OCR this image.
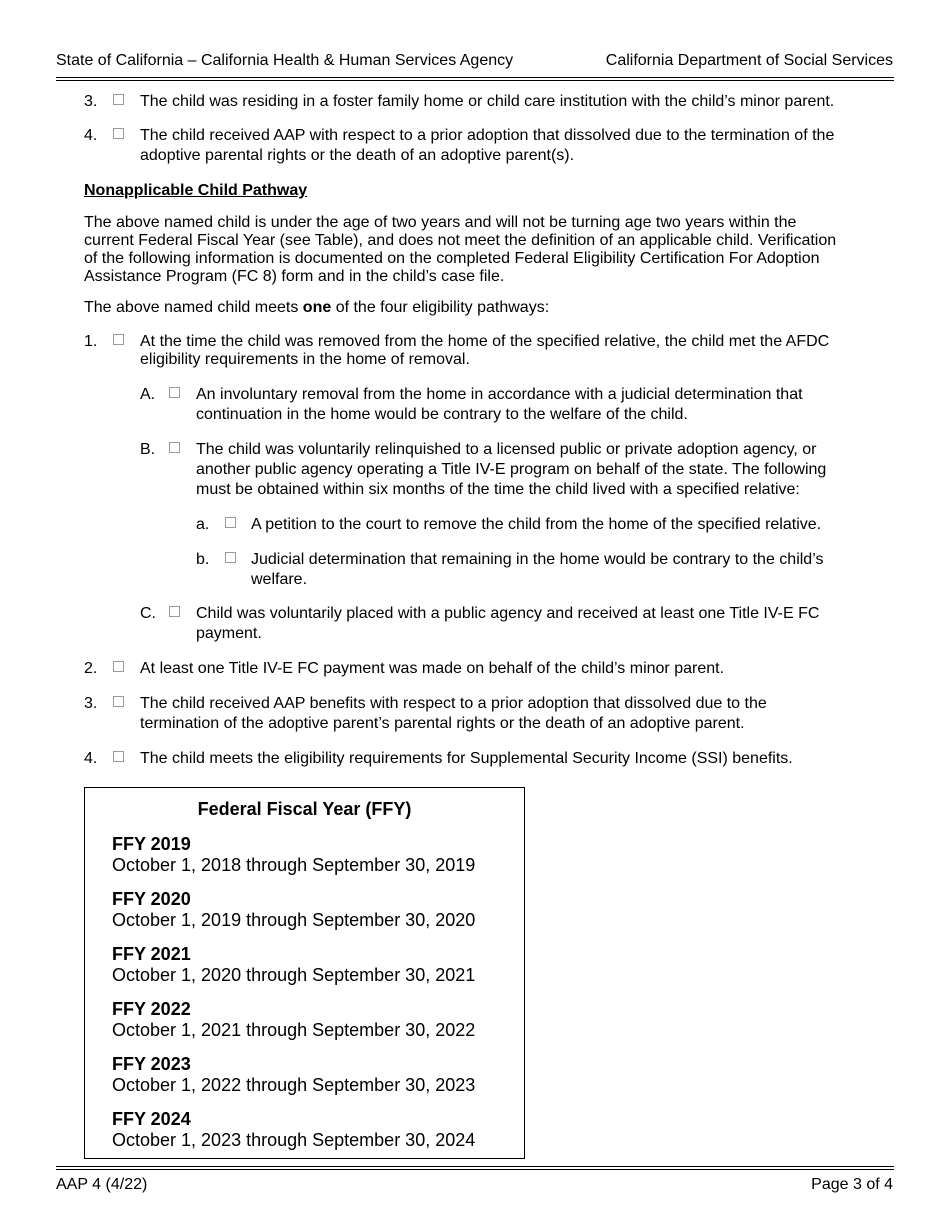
State of California – California Health & Human Services Agency	California Department of Social Services
3.	The child was residing in a foster family home or child care institution with the child’s minor parent.
4.	The child received AAP with respect to a prior adoption that dissolved due to the termination of the
adoptive parental rights or the death of an adoptive parent(s).
Nonapplicable Child Pathway
The above named child is under the age of two years and will not be turning age two years within the
current Federal Fiscal Year (see Table), and does not meet the definition of an applicable child. Verification
of the following information is documented on the completed Federal Eligibility Certification For Adoption
Assistance Program (FC 8) form and in the child’s case file.
The above named child meets one of the four eligibility pathways:
1.	At the time the child was removed from the home of the specified relative, the child met the AFDC
eligibility requirements in the home of removal.
A.	An involuntary removal from the home in accordance with a judicial determination that
continuation in the home would be contrary to the welfare of the child.
B.	The child was voluntarily relinquished to a licensed public or private adoption agency, or
another public agency operating a Title IV-E program on behalf of the state. The following
must be obtained within six months of the time the child lived with a specified relative:
a.	A petition to the court to remove the child from the home of the specified relative.
b.	Judicial determination that remaining in the home would be contrary to the child’s
welfare.
C.	Child was voluntarily placed with a public agency and received at least one Title IV-E FC
payment.
2.	At least one Title IV-E FC payment was made on behalf of the child’s minor parent.
3.	The child received AAP benefits with respect to a prior adoption that dissolved due to the
termination of the adoptive parent’s parental rights or the death of an adoptive parent.
4.	The child meets the eligibility requirements for Supplemental Security Income (SSI) benefits.
Federal Fiscal Year (FFY)
FFY 2019
October 1, 2018 through September 30, 2019
FFY 2020
October 1, 2019 through September 30, 2020
FFY 2021
October 1, 2020 through September 30, 2021
FFY 2022
October 1, 2021 through September 30, 2022
FFY 2023
October 1, 2022 through September 30, 2023
FFY 2024
October 1, 2023 through September 30, 2024
AAP 4 (4/22)	Page 3 of 4
